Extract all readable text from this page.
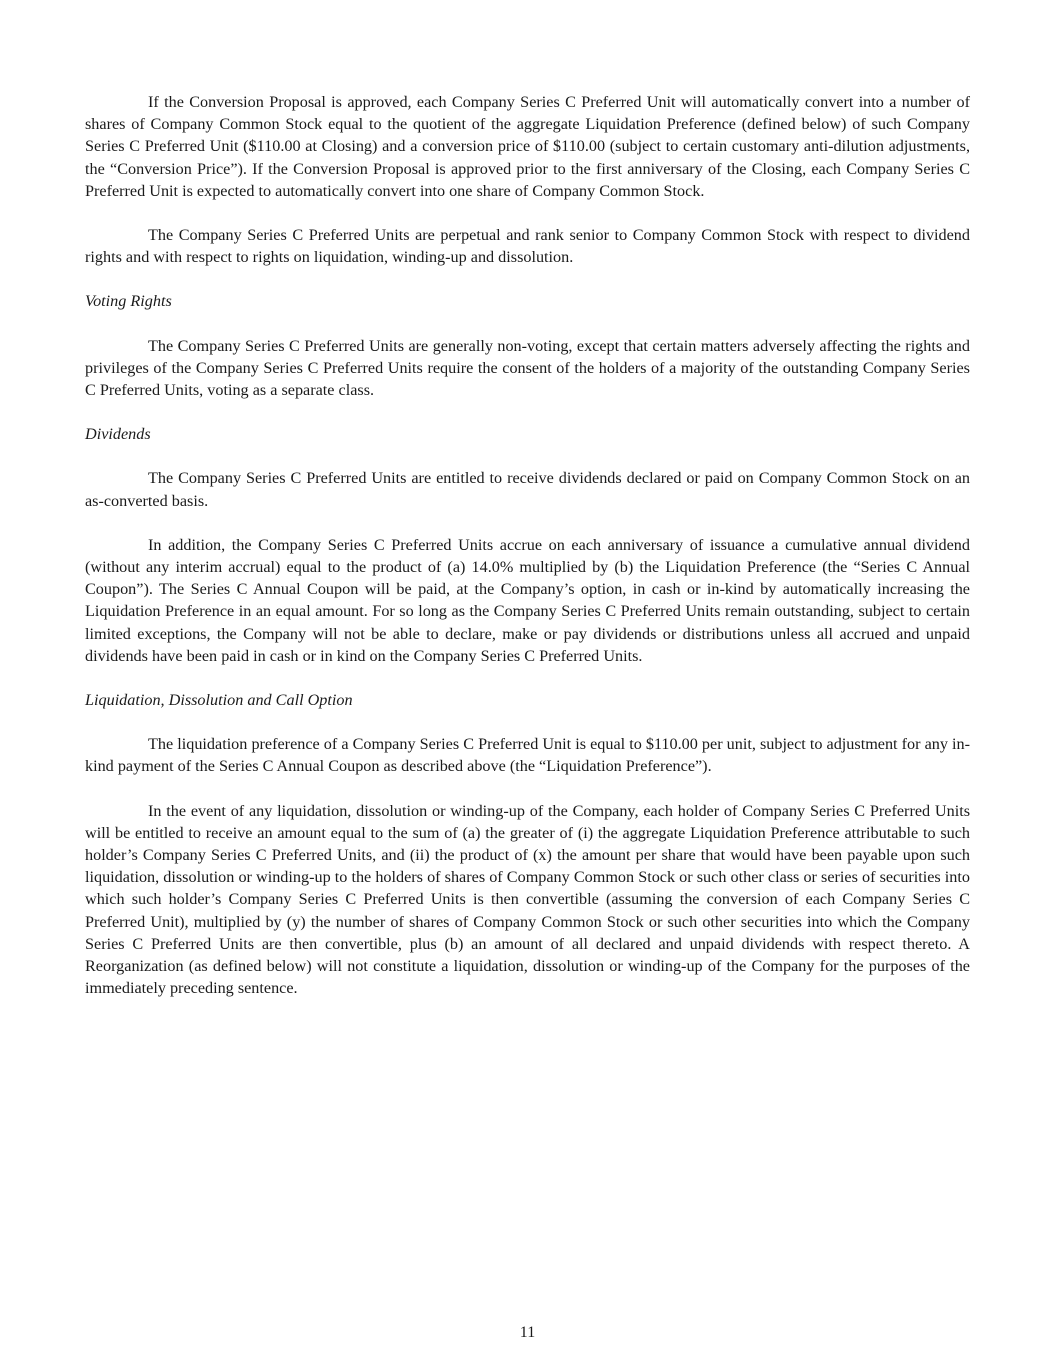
If the Conversion Proposal is approved, each Company Series C Preferred Unit will automatically convert into a number of shares of Company Common Stock equal to the quotient of the aggregate Liquidation Preference (defined below) of such Company Series C Preferred Unit ($110.00 at Closing) and a conversion price of $110.00 (subject to certain customary anti-dilution adjustments, the “Conversion Price”). If the Conversion Proposal is approved prior to the first anniversary of the Closing, each Company Series C Preferred Unit is expected to automatically convert into one share of Company Common Stock.

The Company Series C Preferred Units are perpetual and rank senior to Company Common Stock with respect to dividend rights and with respect to rights on liquidation, winding-up and dissolution.

Voting Rights

The Company Series C Preferred Units are generally non-voting, except that certain matters adversely affecting the rights and privileges of the Company Series C Preferred Units require the consent of the holders of a majority of the outstanding Company Series C Preferred Units, voting as a separate class.

Dividends

The Company Series C Preferred Units are entitled to receive dividends declared or paid on Company Common Stock on an as-converted basis.

In addition, the Company Series C Preferred Units accrue on each anniversary of issuance a cumulative annual dividend (without any interim accrual) equal to the product of (a) 14.0% multiplied by (b) the Liquidation Preference (the “Series C Annual Coupon”). The Series C Annual Coupon will be paid, at the Company’s option, in cash or in-kind by automatically increasing the Liquidation Preference in an equal amount. For so long as the Company Series C Preferred Units remain outstanding, subject to certain limited exceptions, the Company will not be able to declare, make or pay dividends or distributions unless all accrued and unpaid dividends have been paid in cash or in kind on the Company Series C Preferred Units.

Liquidation, Dissolution and Call Option

The liquidation preference of a Company Series C Preferred Unit is equal to $110.00 per unit, subject to adjustment for any in-kind payment of the Series C Annual Coupon as described above (the “Liquidation Preference”).

In the event of any liquidation, dissolution or winding-up of the Company, each holder of Company Series C Preferred Units will be entitled to receive an amount equal to the sum of (a) the greater of (i) the aggregate Liquidation Preference attributable to such holder’s Company Series C Preferred Units, and (ii) the product of (x) the amount per share that would have been payable upon such liquidation, dissolution or winding-up to the holders of shares of Company Common Stock or such other class or series of securities into which such holder’s Company Series C Preferred Units is then convertible (assuming the conversion of each Company Series C Preferred Unit), multiplied by (y) the number of shares of Company Common Stock or such other securities into which the Company Series C Preferred Units are then convertible, plus (b) an amount of all declared and unpaid dividends with respect thereto. A Reorganization (as defined below) will not constitute a liquidation, dissolution or winding-up of the Company for the purposes of the immediately preceding sentence.

11
